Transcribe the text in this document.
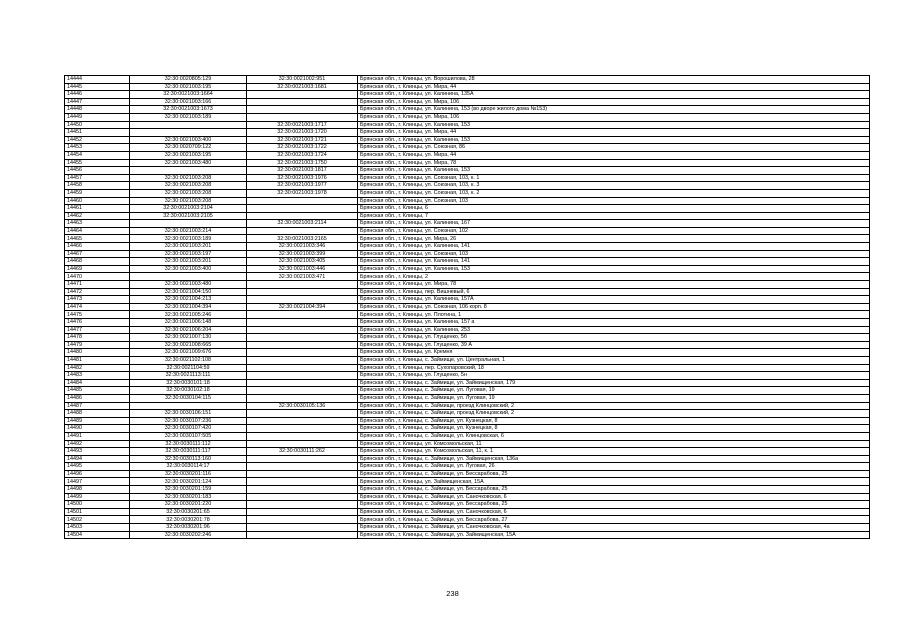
14444	32:30:0020805:129	32:30:0021002:951	Брянская обл., г. Клинцы, ул. Ворошилова, 28
14445	32:30:0021003:195	32:30:0021003:1681	Брянская обл., г. Клинцы, ул. Мира, 44
14446	32:30:0021003:1664		Брянская обл., г. Клинцы, ул. Калинина, 135А
14447	32:30:0021003:166		Брянская обл., г. Клинцы, ул. Мира, 106
14448	32:30:0021003:1673		Брянская обл., г. Клинцы, ул. Калинина, 153 (во дворе жилого дома №153)
14449	32:30:0021003:189		Брянская обл., г. Клинцы, ул. Мира, 106
14450		32:30:0021003:1717	Брянская обл., г. Клинцы, ул. Калинина, 153
14451		32:30:0021003:1720	Брянская обл., г. Клинцы, ул. Мира, 44
14452	32:30:0021003:400	32:30:0021003:1721	Брянская обл., г. Клинцы, ул. Калинина, 153
14453	32:30:0020709:122	32:30:0021003:1722	Брянская обл., г. Клинцы, ул. Союзная, 86
14454	32:30:0021003:195	32:30:0021003:1724	Брянская обл., г. Клинцы, ул. Мира, 44
14455	32:30:0021003:480	32:30:0021003:1750	Брянская обл., г. Клинцы, ул. Мира, 78
14456		32:30:0021003:1817	Брянская обл., г. Клинцы, ул. Калинина, 153
14457	32:30:0021003:208	32:30:0021003:1976	Брянская обл., г. Клинцы, ул. Союзная, 103, к. 1
14458	32:30:0021003:208	32:30:0021003:1977	Брянская обл., г. Клинцы, ул. Союзная, 103, к. 3
14459	32:30:0021003:208	32:30:0021003:1978	Брянская обл., г. Клинцы, ул. Союзная, 103, к. 2
14460	32:30:0021003:208		Брянская обл., г. Клинцы, ул. Союзная, 103
14461	32:30:0021003:2104		Брянская обл., г. Клинцы, 6
14462	32:30:0021003:2105		Брянская обл., г. Клинцы, 7
14463		32:30:0021003:2114	Брянская обл., г. Клинцы, ул. Калинина, 167
14464	32:30:0021003:214		Брянская обл., г. Клинцы, ул. Союзная, 102
14465	32:30:0021003:189	32:30:0021003:2165	Брянская обл., г. Клинцы, ул. Мира, 26
14466	32:30:0021003:201	32:30:0021003:346	Брянская обл., г. Клинцы, ул. Калинина, 141
14467	32:30:0021003:197	32:30:0021003:399	Брянская обл., г. Клинцы, ул. Союзная, 103
14468	32:30:0021003:201	32:30:0021003:405	Брянская обл., г. Клинцы, ул. Калинина, 141
14469	32:30:0021003:400	32:30:0021003:446	Брянская обл., г. Клинцы, ул. Калинина, 153
14470		32:30:0021003:471	Брянская обл., г. Клинцы, 2
14471	32:30:0021003:480		Брянская обл., г. Клинцы, ул. Мира, 78
14472	32:30:0021004:150		Брянская обл., г. Клинцы, пер. Вишневый, 6
14473	32:30:0021004:213		Брянская обл., г. Клинцы, ул. Калинина, 157А
14474	32:30:0021004:394	32:30:0021004:394	Брянская обл., г. Клинцы, ул. Союзная, 106 корп. 8
14475	32:30:0021005:246		Брянская обл., г. Клинцы, ул. Плотина, 1
14476	32:30:0021006:148		Брянская обл., г. Клинцы, ул. Калинина, 157 а
14477	32:30:0021006:204		Брянская обл., г. Клинцы, ул. Калинина, 253
14478	32:30:0021007:130		Брянская обл., г. Клинцы, ул. Глущенко, 5б
14479	32:30:0021008:665		Брянская обл., г. Клинцы, ул. Глущенко, 39 А
14480	32:30:0021009:676		Брянская обл., г. Клинцы, ул. Кремня
14481	32:30:0021102:108		Брянская обл., г. Клинцы, с. Займище, ул. Центральная, 1
14482	32:30:0021104:59		Брянская обл., г. Клинцы, пер. Сухопаровский, 18
14483	32:30:0021113:111		Брянская обл., г. Клинцы, ул. Глущенко, 5н
14484	32:30:0030101:18		Брянская обл., г. Клинцы, с. Займище, ул. Займищенская, 179
14485	32:30:0030102:18		Брянская обл., г. Клинцы, с. Займище, ул. Луговая, 19
14486	32:30:0030104:115		Брянская обл., г. Клинцы, с. Займище, ул. Луговая, 19
14487		32:30:0030105:136	Брянская обл., г. Клинцы, с. Займище, проезд Клинцовский, 2
14488	32:30:0030106:151		Брянская обл., г. Клинцы, с. Займище, проезд Клинцовский, 2
14489	32:30:0030107:236		Брянская обл., г. Клинцы, с. Займище, ул. Кузнецкая, 8
14490	32:30:0030107:420		Брянская обл., г. Клинцы, с. Займище, ул. Кузнецкая, 8
14491	32:30:0030107:505		Брянская обл., г. Клинцы, с. Займище, ул. Клинцовская, 6
14492	32:30:0030111:112		Брянская обл., г. Клинцы, ул. Комсомольская, 11
14493	32:30:0030111:117	32:30:0030111:262	Брянская обл., г. Клинцы, ул. Комсомольская, 11, к. 1
14494	32:30:0030113:160		Брянская обл., г. Клинцы, с. Займище, ул. Займищенская, 136а
14495	32:30:0030114:17		Брянская обл., г. Клинцы, с. Займище, ул. Луговая, 26
14496	32:30:0030201:116		Брянская обл., г. Клинцы, с. Займище, ул. Бессарабова, 25
14497	32:30:0030201:124		Брянская обл., г. Клинцы, ул. Займищенская, 15А
14498	32:30:0030201:159		Брянская обл., г. Клинцы, с. Займище, ул. Бессарабова, 25
14499	32:30:0030201:183		Брянская обл., г. Клинцы, с. Займище, ул. Саночковская, 6
14500	32:30:0030201:220		Брянская обл., г. Клинцы, с. Займище, ул. Бессарабова, 25
14501	32:30:0030201:65		Брянская обл., г. Клинцы, с. Займище, ул. Саночковская, 6
14502	32:30:0030201:78		Брянская обл., г. Клинцы, с. Займище, ул. Бессарабова, 27
14503	32:30:0030201:96		Брянская обл., г. Клинцы, с. Займище, ул. Саночковская, 4а
14504	32:30:0030202:246		Брянская обл., г. Клинцы, с. Займище, ул. Займищенская, 15А
238
